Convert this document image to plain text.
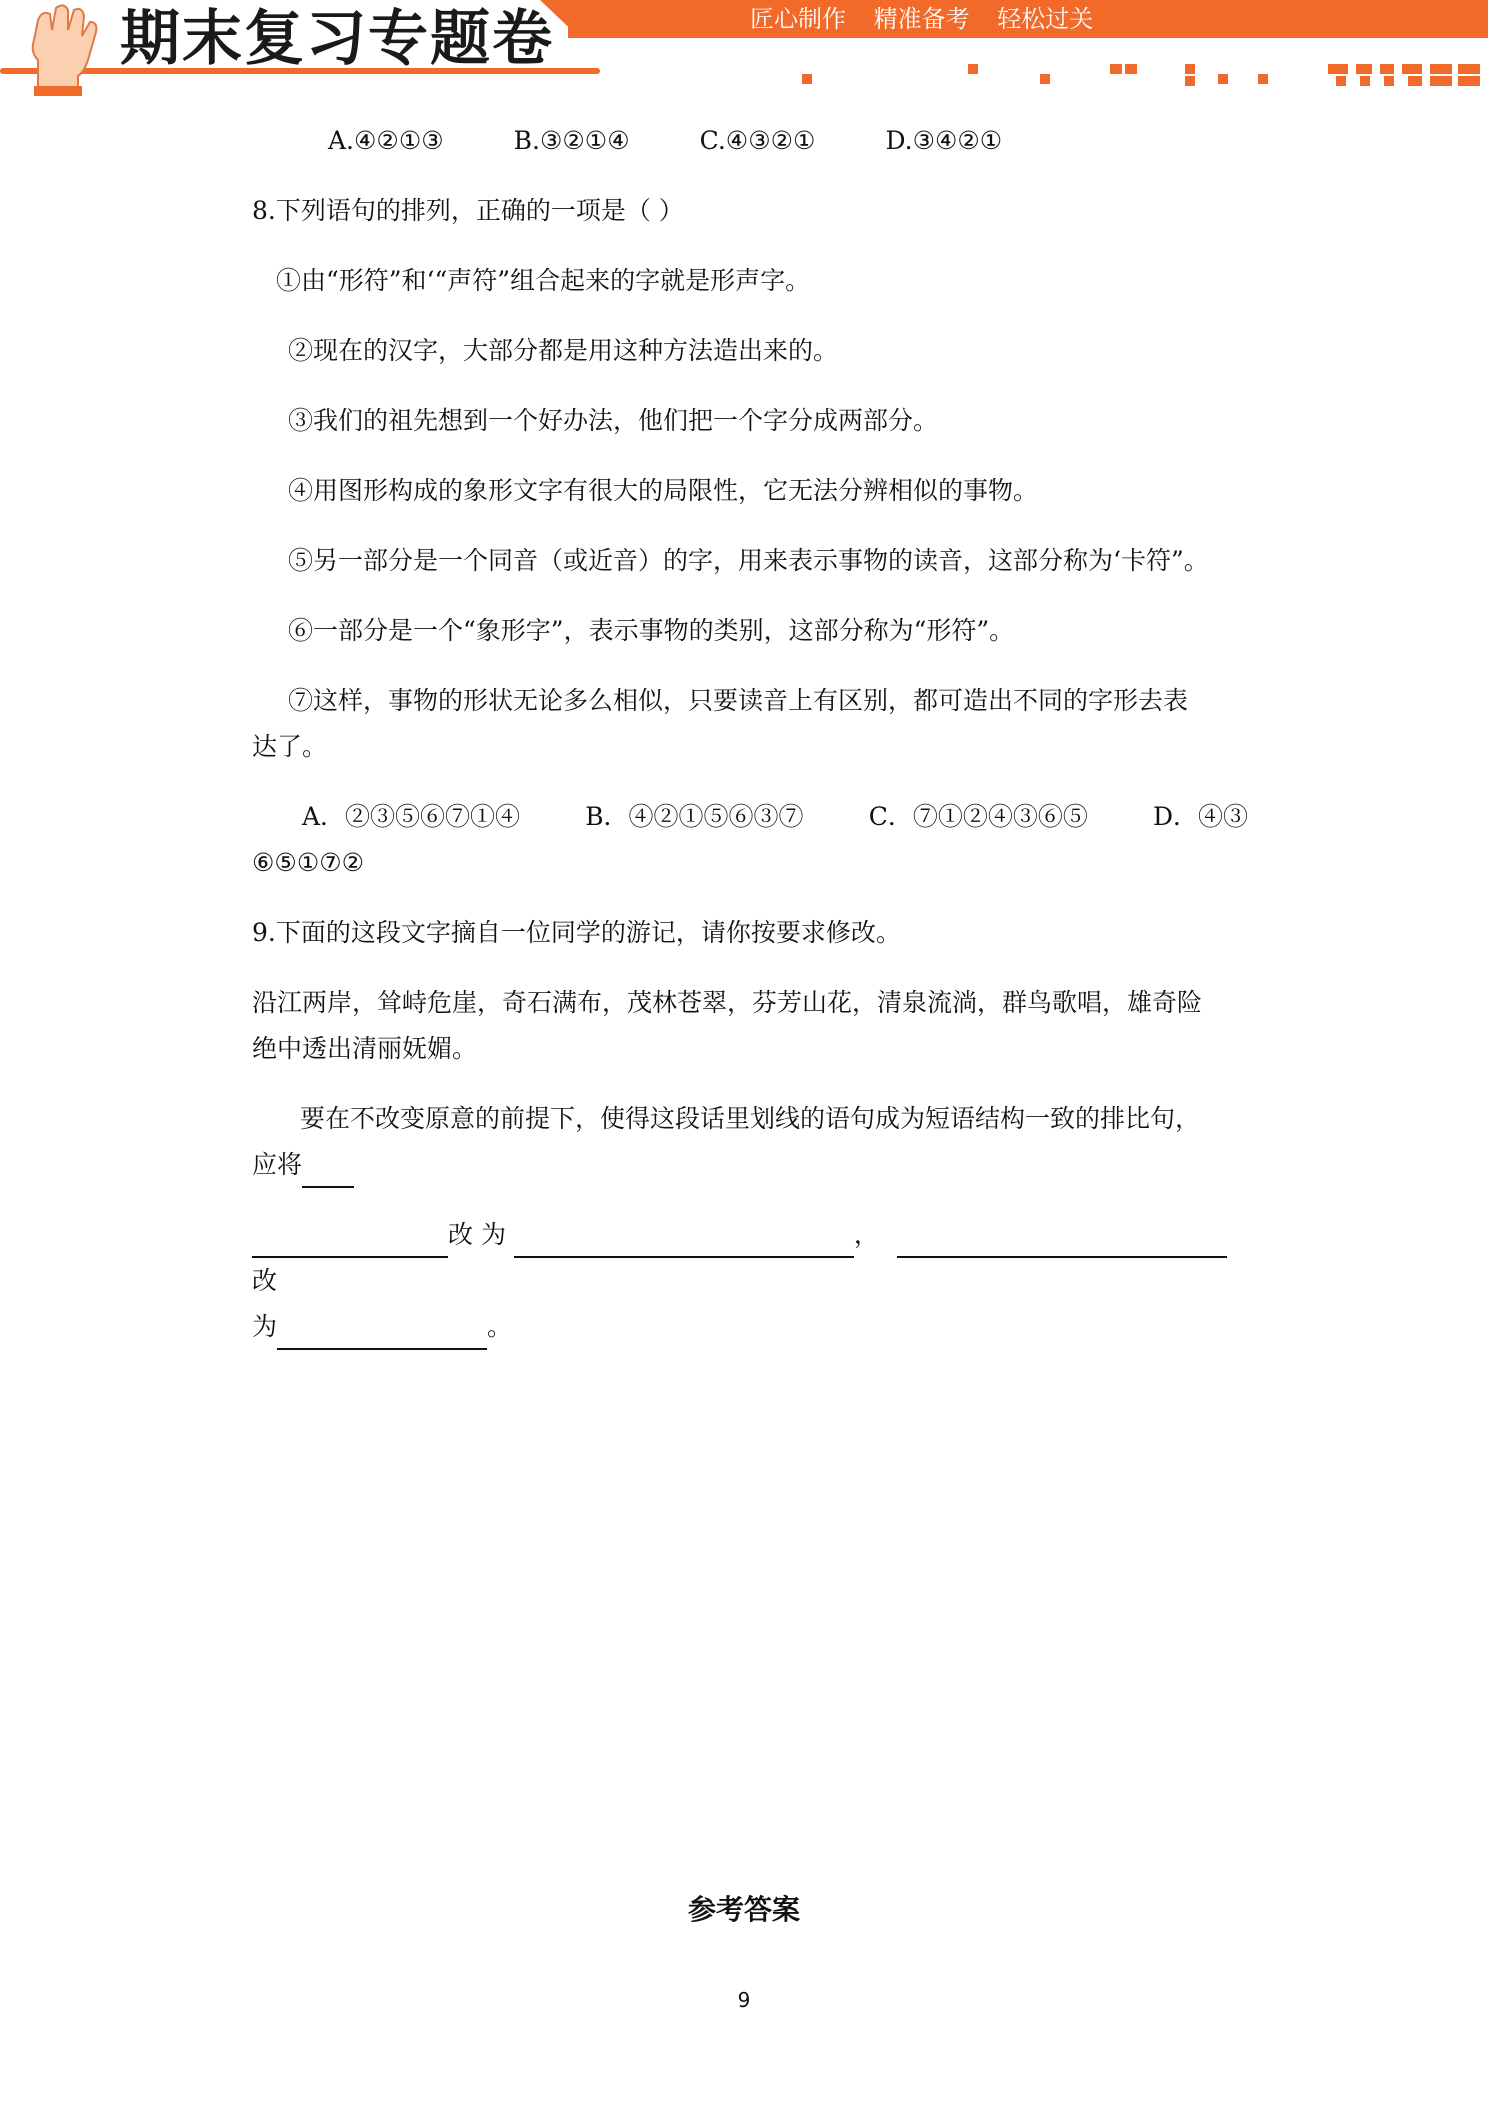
期末复习专题卷	匠心制作 精准备考 轻松过关
A.④②①③	B.③②①④	C.④③②①	D.③④②①

8.下列语句的排列，正确的一项是（ ）

①由“形符”和‘“声符”组合起来的字就是形声字。

②现在的汉字，大部分都是用这种方法造出来的。

③我们的祖先想到一个好办法，他们把一个字分成两部分。

④用图形构成的象形文字有很大的局限性，它无法分辨相似的事物。

⑤另一部分是一个同音（或近音）的字，用来表示事物的读音，这部分称为‘卡符”。

⑥一部分是一个“象形字”，表示事物的类别，这部分称为“形符”。

⑦这样，事物的形状无论多么相似，只要读音上有区别，都可造出不同的字形去表

达了。

A．②③⑤⑥⑦①④	B．④②①⑤⑥③⑦	C．⑦①②④③⑥⑤	D．④③

⑥⑤①⑦②

9.下面的这段文字摘自一位同学的游记，请你按要求修改。

沿江两岸，耸峙危崖，奇石满布，茂林苍翠，芬芳山花，清泉流淌，群鸟歌唱，雄奇险

绝中透出清丽妩媚。

要在不改变原意的前提下，使得这段话里划线的语句成为短语结构一致的排比句，

应将

改 为	， 改

为	。

参考答案
9
